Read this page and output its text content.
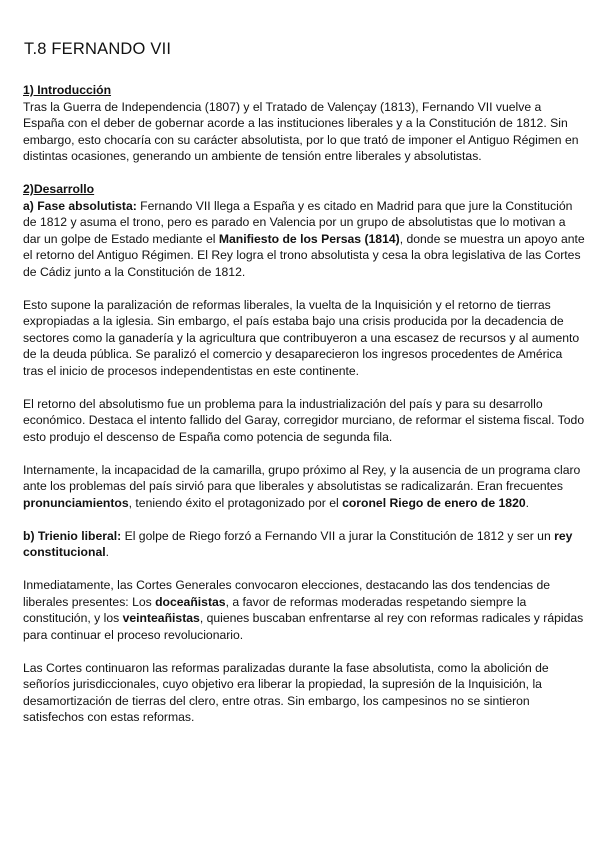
T.8 FERNANDO VII
1) Introducción

Tras la Guerra de Independencia (1807) y el Tratado de Valençay (1813), Fernando VII vuelve a España con el deber de gobernar acorde a las instituciones liberales y a la Constitución de 1812. Sin embargo, esto chocaría con su carácter absolutista, por lo que trató de imponer el Antiguo Régimen en distintas ocasiones, generando un ambiente de tensión entre liberales y absolutistas.

2)Desarrollo

a) Fase absolutista: Fernando VII llega a España y es citado en Madrid para que jure la Constitución de 1812 y asuma el trono, pero es parado en Valencia por un grupo de absolutistas que lo motivan a dar un golpe de Estado mediante el Manifiesto de los Persas (1814), donde se muestra un apoyo ante el retorno del Antiguo Régimen. El Rey logra el trono absolutista y cesa la obra legislativa de las Cortes de Cádiz junto a la Constitución de 1812.

Esto supone la paralización de reformas liberales, la vuelta de la Inquisición y el retorno de tierras expropiadas a la iglesia. Sin embargo, el país estaba bajo una crisis producida por la decadencia de sectores como la ganadería y la agricultura que contribuyeron a una escasez de recursos y al aumento de la deuda pública. Se paralizó el comercio y desaparecieron los ingresos procedentes de América tras el inicio de procesos independentistas en este continente.

El retorno del absolutismo fue un problema para la industrialización del país y para su desarrollo económico. Destaca el intento fallido del Garay, corregidor murciano, de reformar el sistema fiscal. Todo esto produjo el descenso de España como potencia de segunda fila.

Internamente, la incapacidad de la camarilla, grupo próximo al Rey, y la ausencia de un programa claro ante los problemas del país sirvió para que liberales y absolutistas se radicalizarán. Eran frecuentes pronunciamientos, teniendo éxito el protagonizado por el coronel Riego de enero de 1820.

b) Trienio liberal: El golpe de Riego forzó a Fernando VII a jurar la Constitución de 1812 y ser un rey constitucional.

Inmediatamente, las Cortes Generales convocaron elecciones, destacando las dos tendencias de liberales presentes: Los doceañistas, a favor de reformas moderadas respetando siempre la constitución, y los veinteañistas, quienes buscaban enfrentarse al rey con reformas radicales y rápidas para continuar el proceso revolucionario.

Las Cortes continuaron las reformas paralizadas durante la fase absolutista, como la abolición de señoríos jurisdiccionales, cuyo objetivo era liberar la propiedad, la supresión de la Inquisición, la desamortización de tierras del clero, entre otras. Sin embargo, los campesinos no se sintieron satisfechos con estas reformas.
